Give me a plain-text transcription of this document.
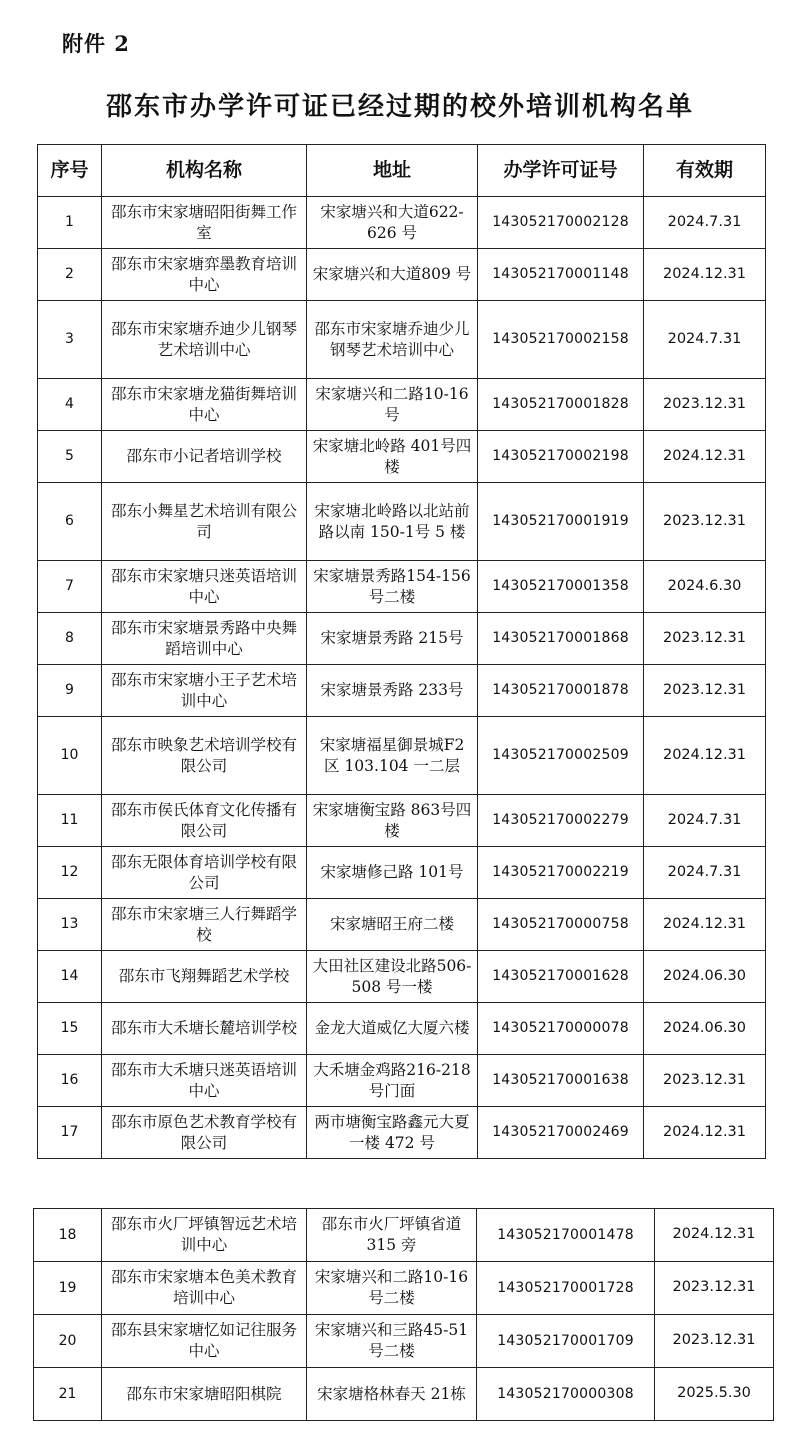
附件 2
邵东市办学许可证已经过期的校外培训机构名单
序号	机构名称	地址	办学许可证号	有效期
1	邵东市宋家塘昭阳街舞工作室	宋家塘兴和大道622-626 号	143052170002128	2024.7.31
2	邵东市宋家塘弈墨教育培训中心	宋家塘兴和大道809 号	143052170001148	2024.12.31
3	邵东市宋家塘乔迪少儿钢琴艺术培训中心	邵东市宋家塘乔迪少儿钢琴艺术培训中心	143052170002158	2024.7.31
4	邵东市宋家塘龙猫街舞培训中心	宋家塘兴和二路10-16 号	143052170001828	2023.12.31
5	邵东市小记者培训学校	宋家塘北岭路 401号四楼	143052170002198	2024.12.31
6	邵东小舞星艺术培训有限公司	宋家塘北岭路以北站前路以南 150-1号 5 楼	143052170001919	2023.12.31
7	邵东市宋家塘只迷英语培训中心	宋家塘景秀路154-156 号二楼	143052170001358	2024.6.30
8	邵东市宋家塘景秀路中央舞蹈培训中心	宋家塘景秀路 215号	143052170001868	2023.12.31
9	邵东市宋家塘小王子艺术培训中心	宋家塘景秀路 233号	143052170001878	2023.12.31
10	邵东市映象艺术培训学校有限公司	宋家塘福星御景城F2 区 103.104 一二层	143052170002509	2024.12.31
11	邵东市侯氏体育文化传播有限公司	宋家塘衡宝路 863号四楼	143052170002279	2024.7.31
12	邵东无限体育培训学校有限公司	宋家塘修己路 101号	143052170002219	2024.7.31
13	邵东市宋家塘三人行舞蹈学校	宋家塘昭王府二楼	143052170000758	2024.12.31
14	邵东市飞翔舞蹈艺术学校	大田社区建设北路506-508 号一楼	143052170001628	2024.06.30
15	邵东市大禾塘长麓培训学校	金龙大道威亿大厦六楼	143052170000078	2024.06.30
16	邵东市大禾塘只迷英语培训中心	大禾塘金鸡路216-218 号门面	143052170001638	2023.12.31
17	邵东市原色艺术教育学校有限公司	两市塘衡宝路鑫元大夏一楼 472 号	143052170002469	2024.12.31
18	邵东市火厂坪镇智远艺术培训中心	邵东市火厂坪镇省道 315 旁	143052170001478	2024.12.31
19	邵东市宋家塘本色美术教育培训中心	宋家塘兴和二路10-16 号二楼	143052170001728	2023.12.31
20	邵东县宋家塘忆如记往服务中心	宋家塘兴和三路45-51 号二楼	143052170001709	2023.12.31
21	邵东市宋家塘昭阳棋院	宋家塘格林春天 21栋	143052170000308	2025.5.30
